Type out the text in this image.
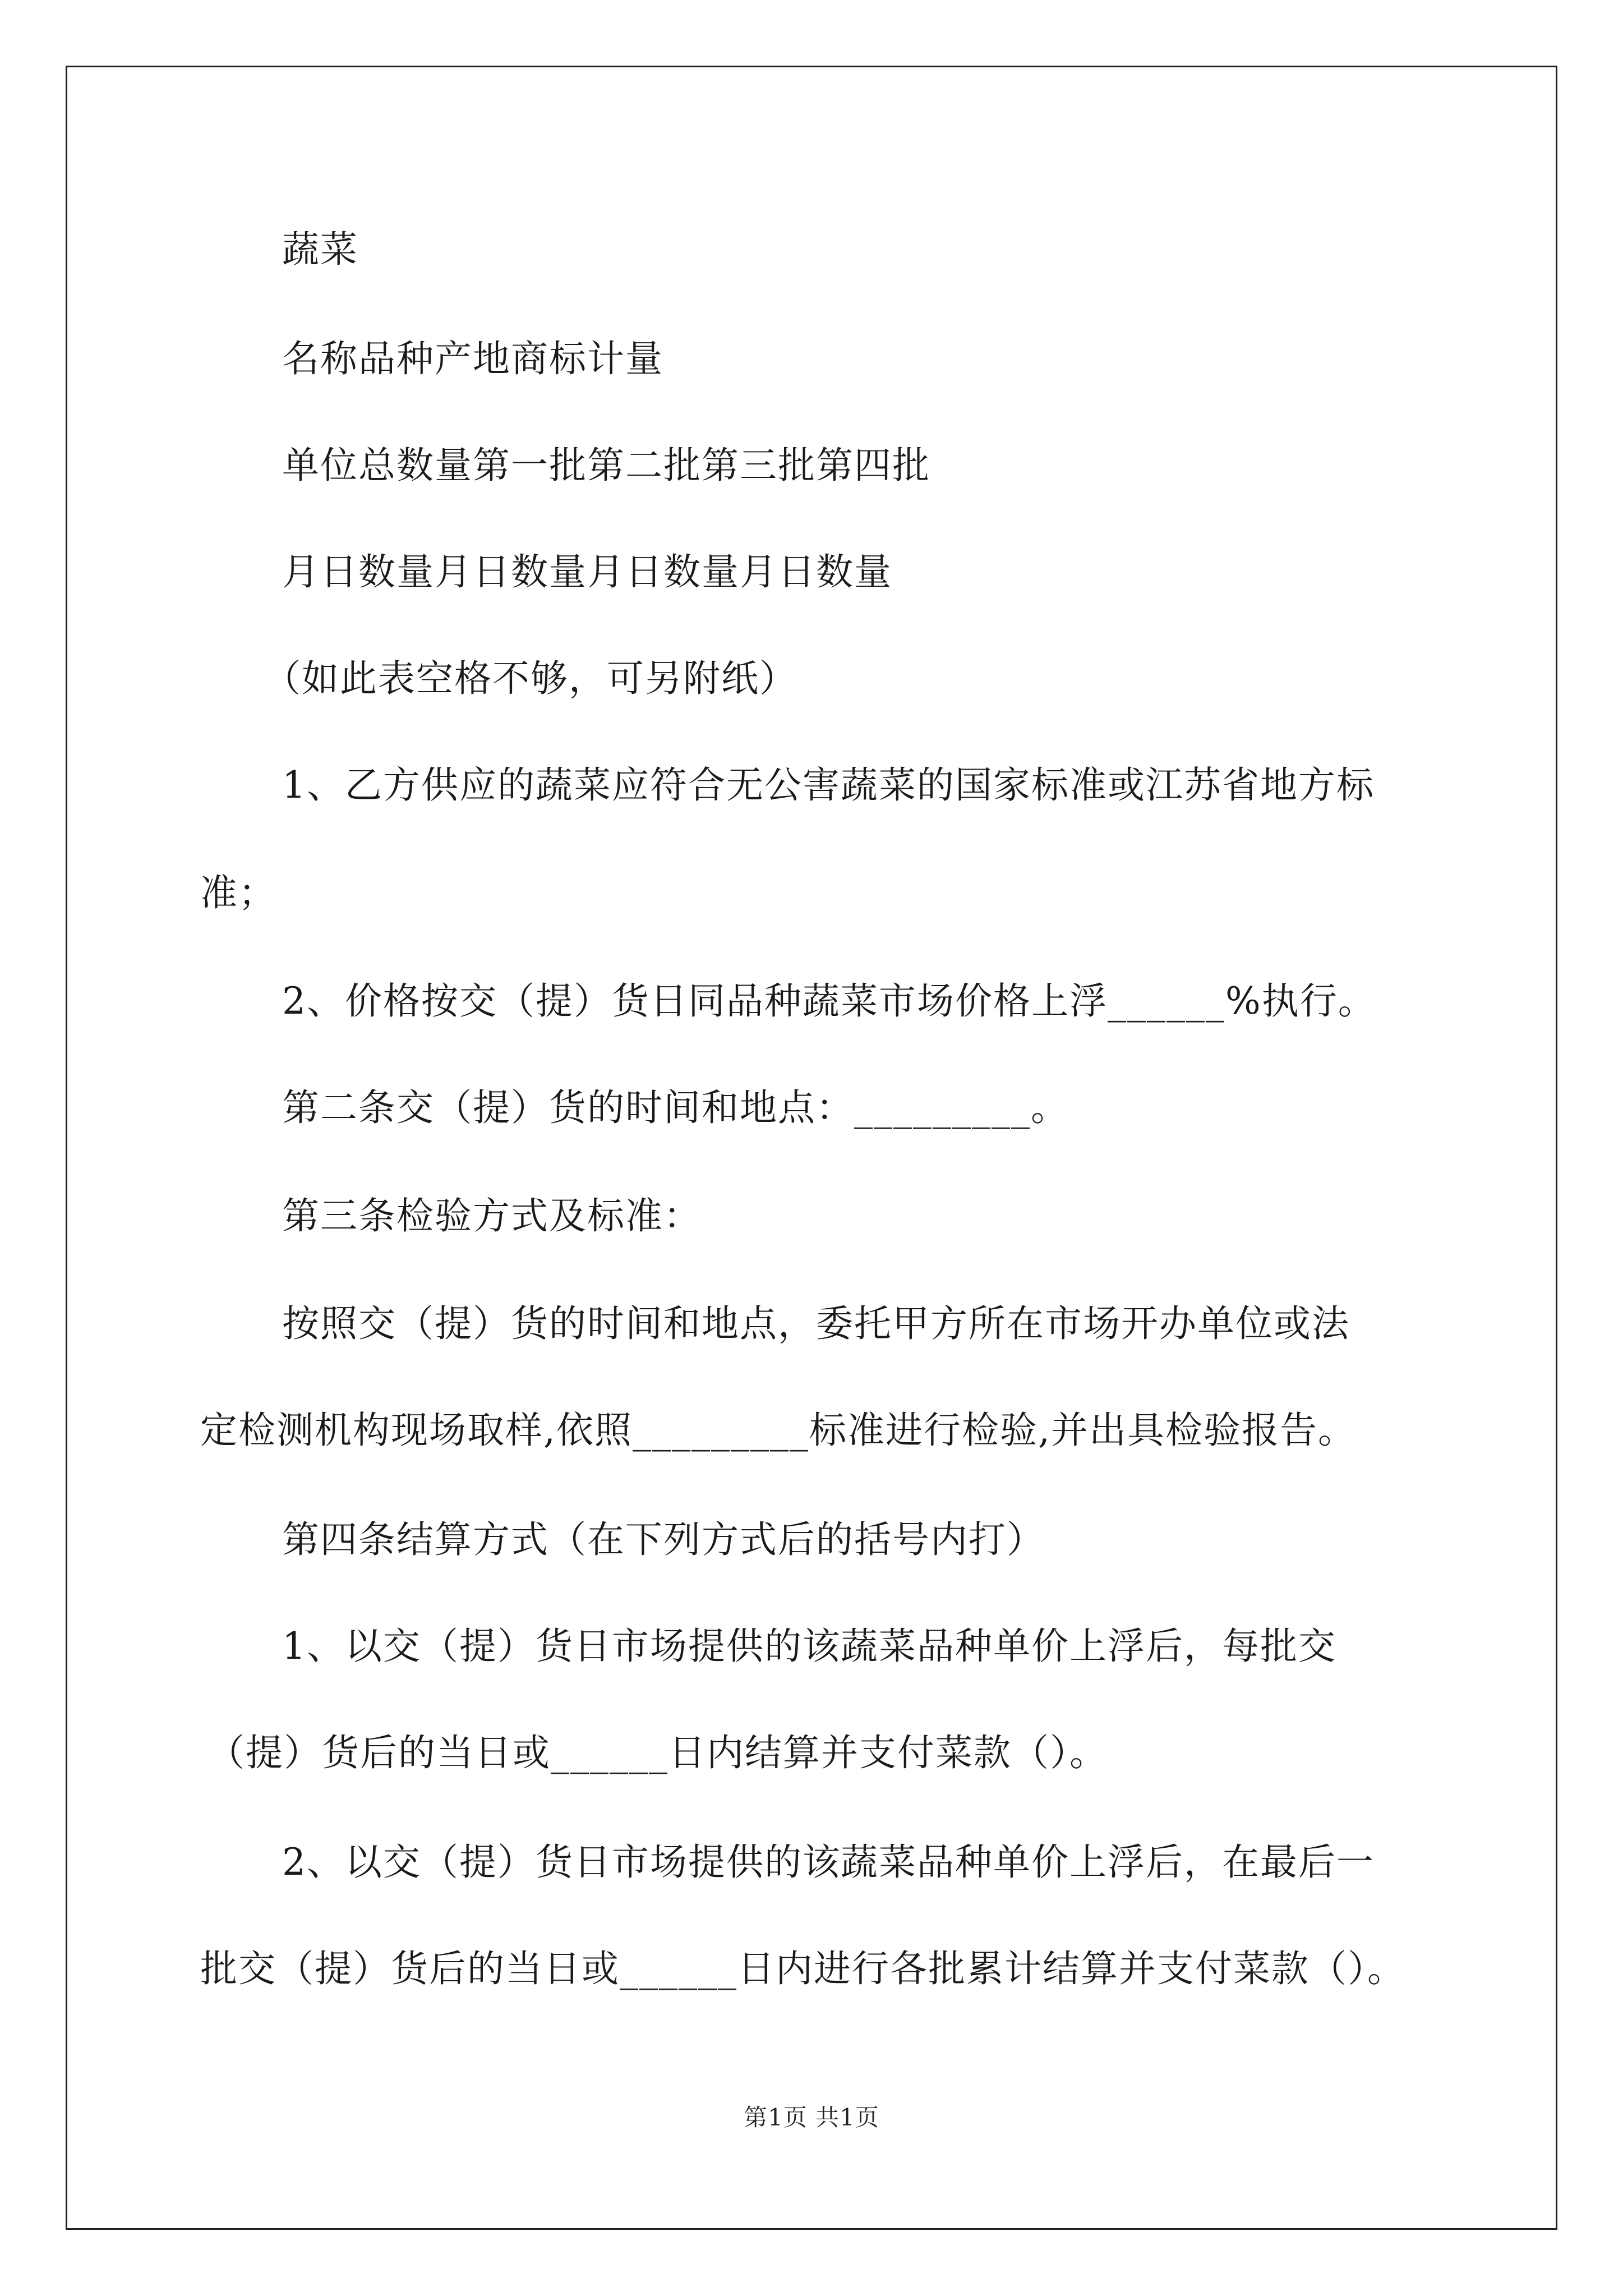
蔬菜
名称品种产地商标计量
单位总数量第一批第二批第三批第四批
月日数量月日数量月日数量月日数量
（如此表空格不够，可另附纸）
1、乙方供应的蔬菜应符合无公害蔬菜的国家标准或江苏省地方标
准；
2、价格按交（提）货日同品种蔬菜市场价格上浮______%执行。
第二条交（提）货的时间和地点：_________。
第三条检验方式及标准：
按照交（提）货的时间和地点，委托甲方所在市场开办单位或法
定检测机构现场取样,依照_________标准进行检验,并出具检验报告。
第四条结算方式（在下列方式后的括号内打）
1、以交（提）货日市场提供的该蔬菜品种单价上浮后，每批交
（提）货后的当日或______日内结算并支付菜款（）。
2、以交（提）货日市场提供的该蔬菜品种单价上浮后，在最后一
批交（提）货后的当日或______日内进行各批累计结算并支付菜款（）。
第1页 共1页
